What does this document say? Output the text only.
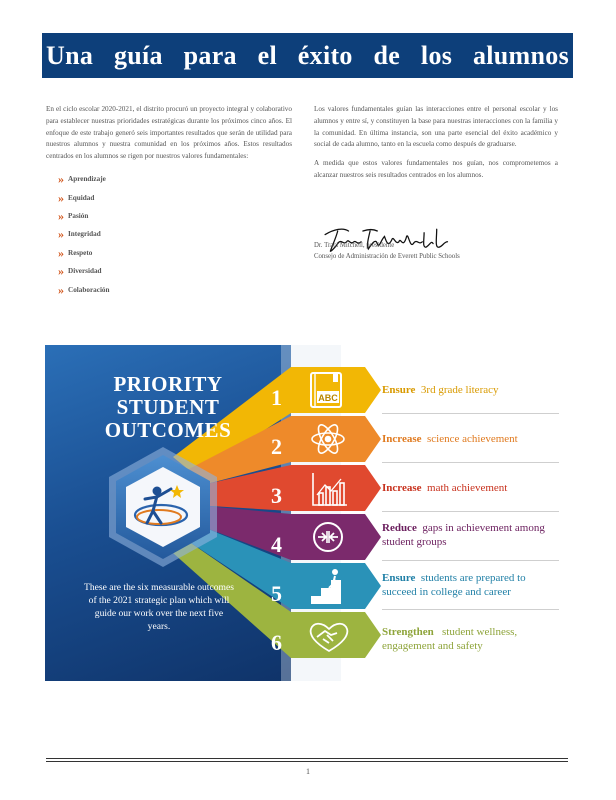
Una guía para el éxito de los alumnos

En el ciclo escolar 2020-2021, el distrito procuró un proyecto integral y colaborativo para establecer nuestras prioridades estratégicas durante los próximos cinco años. El enfoque de este trabajo generó seis importantes resultados que serán de utilidad para nuestros alumnos y nuestra comunidad en los próximos años. Estos resultados centrados en los alumnos se rigen por nuestros valores fundamentales:

» Aprendizaje
» Equidad
» Pasión
» Integridad
» Respeto
» Diversidad
» Colaboración

Los valores fundamentales guían las interacciones entre el personal escolar y los alumnos y entre sí, y constituyen la base para nuestras interacciones con la familia y la comunidad. En última instancia, son una parte esencial del éxito académico y social de cada alumno, tanto en la escuela como después de graduarse.

A medida que estos valores fundamentales nos guían, nos comprometemos a alcanzar nuestros seis resultados centrados en los alumnos.

Dr. Traci Mitchell, presidente
Consejo de Administración de Everett Public Schools
1
2
3
4
5
6
ABC
PRIORITY
STUDENT
OUTCOMES
These are the six measurable outcomes of the 2021 strategic plan which will guide our work over the next five years.
Ensure 3rd grade literacy
Increase science achievement
Increase math achievement
Reduce gaps in achievement among student groups
Ensure students are prepared to succeed in college and career
Strengthen student wellness, engagement and safety
1
